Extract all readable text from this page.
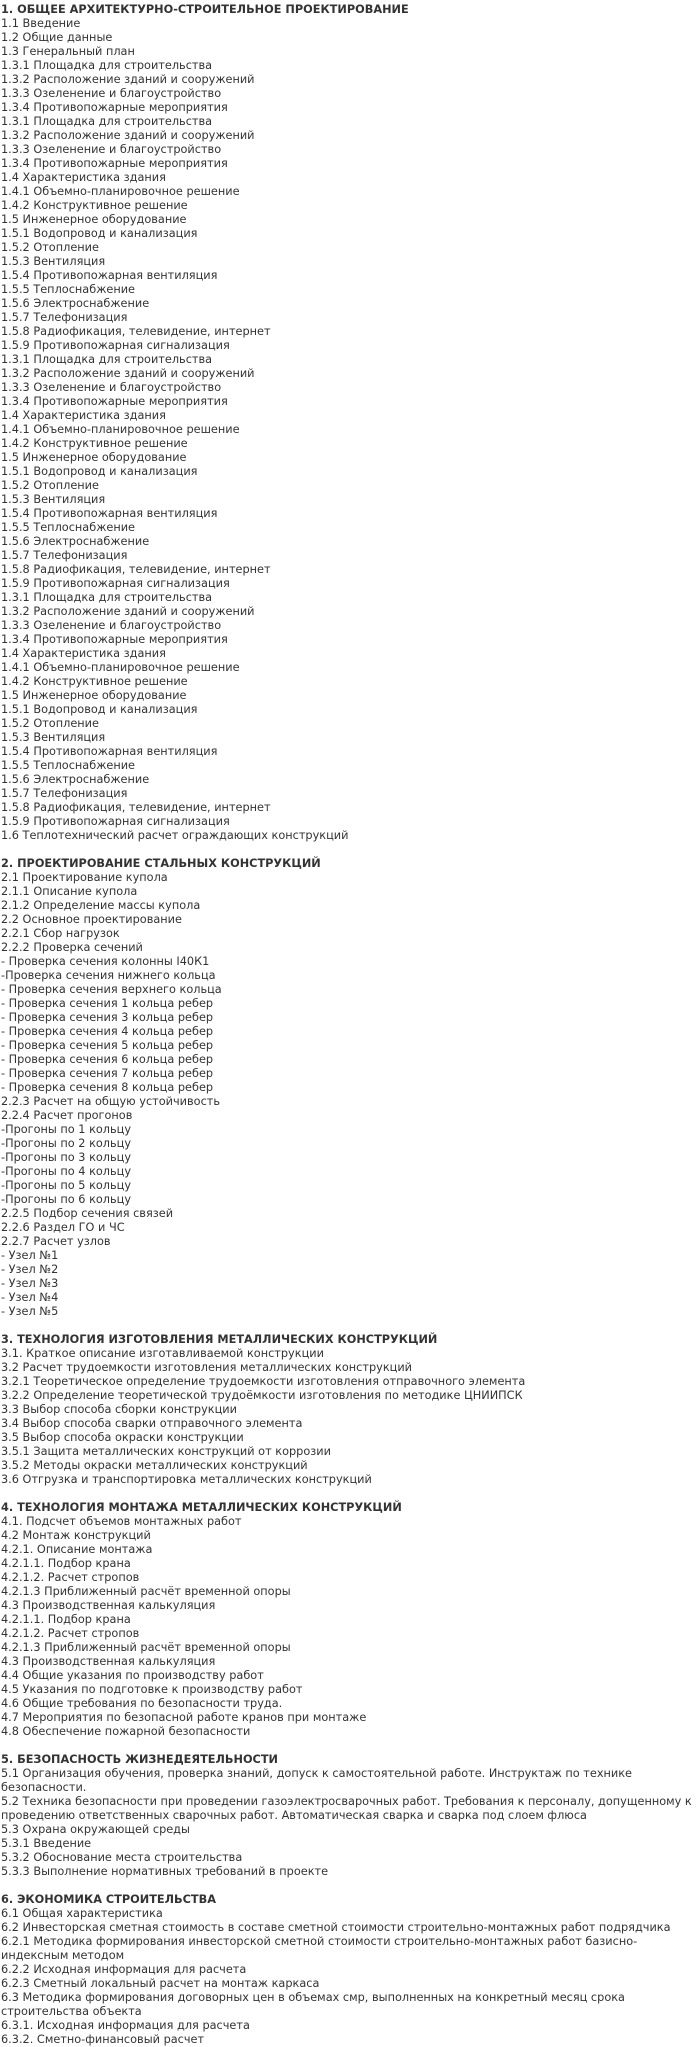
1. ОБЩЕЕ АРХИТЕКТУРНО-СТРОИТЕЛЬНОЕ ПРОЕКТИРОВАНИЕ
1.1 Введение
1.2 Общие данные
1.3 Генеральный план
1.3.1 Площадка для строительства
1.3.2 Расположение зданий и сооружений
1.3.3 Озеленение и благоустройство
1.3.4 Противопожарные мероприятия
1.3.1 Площадка для строительства
1.3.2 Расположение зданий и сооружений
1.3.3 Озеленение и благоустройство
1.3.4 Противопожарные мероприятия
1.4 Характеристика здания
1.4.1 Объемно-планировочное решение
1.4.2 Конструктивное решение
1.5 Инженерное оборудование
1.5.1 Водопровод и канализация
1.5.2 Отопление
1.5.3 Вентиляция
1.5.4 Противопожарная вентиляция
1.5.5 Теплоснабжение
1.5.6 Электроснабжение
1.5.7 Телефонизация
1.5.8 Радиофикация, телевидение, интернет
1.5.9 Противопожарная сигнализация
1.3.1 Площадка для строительства
1.3.2 Расположение зданий и сооружений
1.3.3 Озеленение и благоустройство
1.3.4 Противопожарные мероприятия
1.4 Характеристика здания
1.4.1 Объемно-планировочное решение
1.4.2 Конструктивное решение
1.5 Инженерное оборудование
1.5.1 Водопровод и канализация
1.5.2 Отопление
1.5.3 Вентиляция
1.5.4 Противопожарная вентиляция
1.5.5 Теплоснабжение
1.5.6 Электроснабжение
1.5.7 Телефонизация
1.5.8 Радиофикация, телевидение, интернет
1.5.9 Противопожарная сигнализация
1.3.1 Площадка для строительства
1.3.2 Расположение зданий и сооружений
1.3.3 Озеленение и благоустройство
1.3.4 Противопожарные мероприятия
1.4 Характеристика здания
1.4.1 Объемно-планировочное решение
1.4.2 Конструктивное решение
1.5 Инженерное оборудование
1.5.1 Водопровод и канализация
1.5.2 Отопление
1.5.3 Вентиляция
1.5.4 Противопожарная вентиляция
1.5.5 Теплоснабжение
1.5.6 Электроснабжение
1.5.7 Телефонизация
1.5.8 Радиофикация, телевидение, интернет
1.5.9 Противопожарная сигнализация
1.6 Теплотехнический расчет ограждающих конструкций
2. ПРОЕКТИРОВАНИЕ СТАЛЬНЫХ КОНСТРУКЦИЙ
2.1 Проектирование купола
2.1.1 Описание купола
2.1.2 Определение массы купола
2.2 Основное проектирование
2.2.1 Сбор нагрузок
2.2.2 Проверка сечений
- Проверка сечения колонны I40К1
-Проверка сечения нижнего кольца
- Проверка сечения верхнего кольца
- Проверка сечения 1 кольца ребер
- Проверка сечения 3 кольца ребер
- Проверка сечения 4 кольца ребер
- Проверка сечения 5 кольца ребер
- Проверка сечения 6 кольца ребер
- Проверка сечения 7 кольца ребер
- Проверка сечения 8 кольца ребер
2.2.3 Расчет на общую устойчивость
2.2.4 Расчет прогонов
-Прогоны по 1 кольцу
-Прогоны по 2 кольцу
-Прогоны по 3 кольцу
-Прогоны по 4 кольцу
-Прогоны по 5 кольцу
-Прогоны по 6 кольцу
2.2.5 Подбор сечения связей
2.2.6 Раздел ГО и ЧС
2.2.7 Расчет узлов
- Узел №1
- Узел №2
- Узел №3
- Узел №4
- Узел №5
3. ТЕХНОЛОГИЯ ИЗГОТОВЛЕНИЯ МЕТАЛЛИЧЕСКИХ КОНСТРУКЦИЙ
3.1. Краткое описание изготавливаемой конструкции
3.2 Расчет трудоемкости изготовления металлических конструкций
3.2.1 Теоретическое определение трудоемкости изготовления отправочного элемента
3.2.2 Определение теоретической трудоёмкости изготовления по методике ЦНИИПСК
3.3 Выбор способа сборки конструкции
3.4 Выбор способа сварки отправочного элемента
3.5 Выбор способа окраски конструкции
3.5.1 Защита металлических конструкций от коррозии
3.5.2 Методы окраски металлических конструкций
3.6 Отгрузка и транспортировка металлических конструкций
4. ТЕХНОЛОГИЯ МОНТАЖА МЕТАЛЛИЧЕСКИХ КОНСТРУКЦИЙ
4.1. Подсчет объемов монтажных работ
4.2 Монтаж конструкций
4.2.1. Описание монтажа
4.2.1.1. Подбор крана
4.2.1.2. Расчет стропов
4.2.1.3 Приближенный расчёт временной опоры
4.3 Производственная калькуляция
4.2.1.1. Подбор крана
4.2.1.2. Расчет стропов
4.2.1.3 Приближенный расчёт временной опоры
4.3 Производственная калькуляция
4.4 Общие указания по производству работ
4.5 Указания по подготовке к производству работ
4.6 Общие требования по безопасности труда.
4.7 Мероприятия по безопасной работе кранов при монтаже
4.8 Обеспечение пожарной безопасности
5. БЕЗОПАСНОСТЬ ЖИЗНЕДЕЯТЕЛЬНОСТИ
5.1 Организация обучения, проверка знаний, допуск к самостоятельной работе. Инструктаж по технике безопасности.
5.2 Техника безопасности при проведении газоэлектросварочных работ. Требования к персоналу, допущенному к проведению ответственных сварочных работ. Автоматическая сварка и сварка под слоем флюса
5.3 Охрана окружающей среды
5.3.1 Введение
5.3.2 Обоснование места строительства
5.3.3 Выполнение нормативных требований в проекте
6. ЭКОНОМИКА СТРОИТЕЛЬСТВА
6.1 Общая характеристика
6.2 Инвесторская сметная стоимость в составе сметной стоимости строительно-монтажных работ подрядчика
6.2.1 Методика формирования инвесторской сметной стоимости строительно-монтажных работ базисно-индексным методом
6.2.2 Исходная информация для расчета
6.2.3 Сметный локальный расчет на монтаж каркаса
6.3 Методика формирования договорных цен в объемах смр, выполненных на конкретный месяц срока строительства объекта
6.3.1. Исходная информация для расчета
6.3.2. Сметно-финансовый расчет
